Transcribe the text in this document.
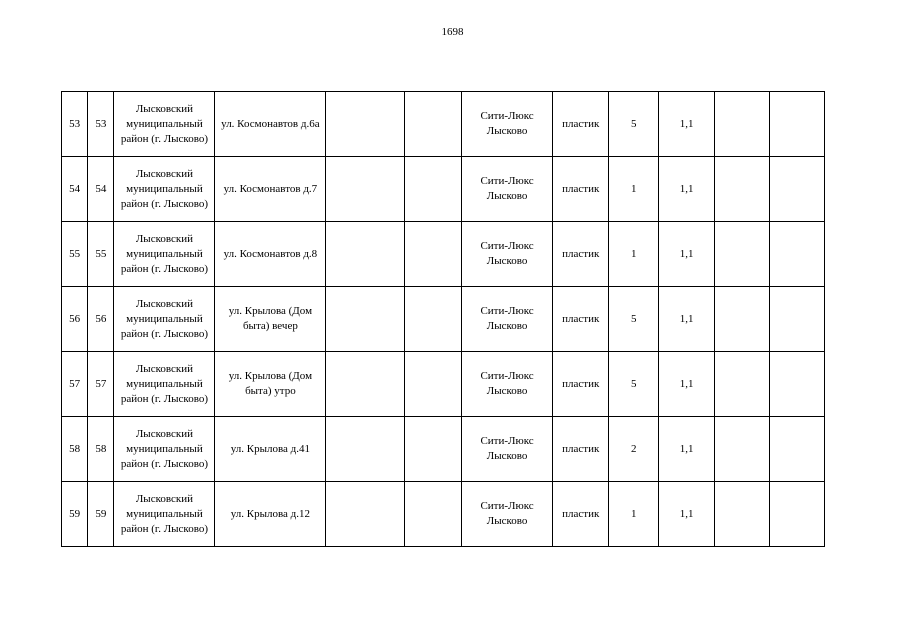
1698
53	53	Лысковский муниципальный район (г. Лысково)	ул. Космонавтов д.6а			Сити-Люкс Лысково	пластик	5	1,1		
54	54	Лысковский муниципальный район (г. Лысково)	ул. Космонавтов д.7			Сити-Люкс Лысково	пластик	1	1,1		
55	55	Лысковский муниципальный район (г. Лысково)	ул. Космонавтов д.8			Сити-Люкс Лысково	пластик	1	1,1		
56	56	Лысковский муниципальный район (г. Лысково)	ул. Крылова (Дом быта) вечер			Сити-Люкс Лысково	пластик	5	1,1		
57	57	Лысковский муниципальный район (г. Лысково)	ул. Крылова (Дом быта) утро			Сити-Люкс Лысково	пластик	5	1,1		
58	58	Лысковский муниципальный район (г. Лысково)	ул. Крылова д.41			Сити-Люкс Лысково	пластик	2	1,1		
59	59	Лысковский муниципальный район (г. Лысково)	ул. Крылова д.12			Сити-Люкс Лысково	пластик	1	1,1		
